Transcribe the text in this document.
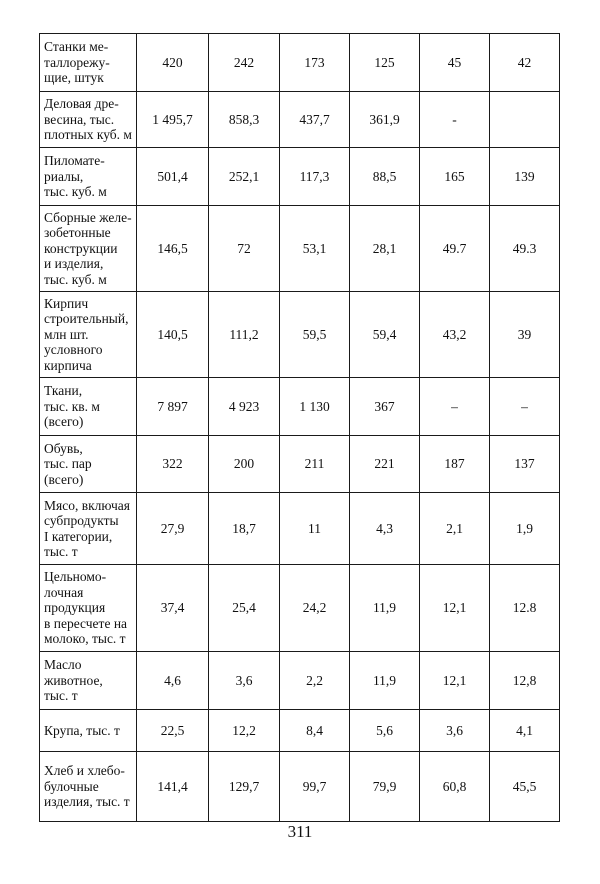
Станки ме-
таллорежу-
щие, штук	420	242	173	125	45	42
Деловая дре-
весина, тыс.
плотных куб. м	1 495,7	858,3	437,7	361,9	-	
Пиломате-
риалы,
тыс. куб. м	501,4	252,1	117,3	88,5	165	139
Сборные желе-
зобетонные
конструкции
и изделия,
тыс. куб. м	146,5	72	53,1	28,1	49.7	49.3
Кирпич
строительный,
млн шт.
условного
кирпича	140,5	111,2	59,5	59,4	43,2	39
Ткани,
тыс. кв. м
(всего)	7 897	4 923	1 130	367	–	–
Обувь,
тыс. пар
(всего)	322	200	211	221	187	137
Мясо, включая
субпродукты
I категории,
тыс. т	27,9	18,7	11	4,3	2,1	1,9
Цельномо-
лочная
продукция
в пересчете на
молоко, тыс. т	37,4	25,4	24,2	11,9	12,1	12.8
Масло
животное,
тыс. т	4,6	3,6	2,2	11,9	12,1	12,8
Крупа, тыс. т	22,5	12,2	8,4	5,6	3,6	4,1
Хлеб и хлебо-
булочные
изделия, тыс. т	141,4	129,7	99,7	79,9	60,8	45,5
311
